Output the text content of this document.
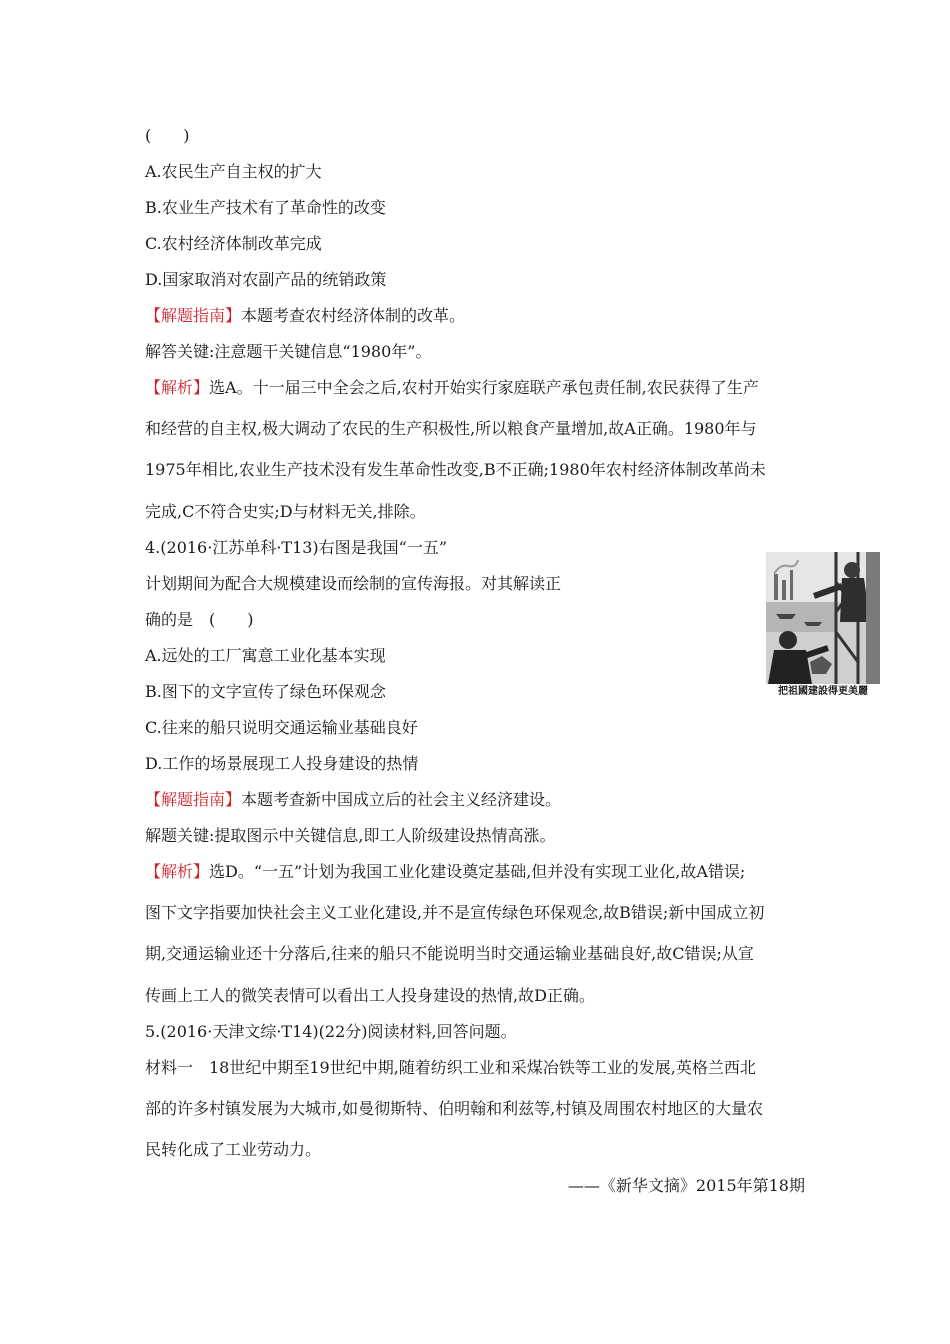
(　　)
A.农民生产自主权的扩大
B.农业生产技术有了革命性的改变
C.农村经济体制改革完成
D.国家取消对农副产品的统销政策
【解题指南】本题考查农村经济体制的改革。
解答关键:注意题干关键信息“1980年”。
【解析】选A。十一届三中全会之后,农村开始实行家庭联产承包责任制,农民获得了生产
和经营的自主权,极大调动了农民的生产积极性,所以粮食产量增加,故A正确。1980年与
1975年相比,农业生产技术没有发生革命性改变,B不正确;1980年农村经济体制改革尚未
完成,C不符合史实;D与材料无关,排除。
4.(2016·江苏单科·T13)右图是我国“一五”
计划期间为配合大规模建设而绘制的宣传海报。对其解读正
确的是　(　　)
A.远处的工厂寓意工业化基本实现
B.图下的文字宣传了绿色环保观念
C.往来的船只说明交通运输业基础良好
D.工作的场景展现工人投身建设的热情
把祖國建設得更美麗
【解题指南】本题考查新中国成立后的社会主义经济建设。
解题关键:提取图示中关键信息,即工人阶级建设热情高涨。
【解析】选D。“一五”计划为我国工业化建设奠定基础,但并没有实现工业化,故A错误;
图下文字指要加快社会主义工业化建设,并不是宣传绿色环保观念,故B错误;新中国成立初
期,交通运输业还十分落后,往来的船只不能说明当时交通运输业基础良好,故C错误;从宣
传画上工人的微笑表情可以看出工人投身建设的热情,故D正确。
5.(2016·天津文综·T14)(22分)阅读材料,回答问题。
材料一　18世纪中期至19世纪中期,随着纺织工业和采煤冶铁等工业的发展,英格兰西北
部的许多村镇发展为大城市,如曼彻斯特、伯明翰和利兹等,村镇及周围农村地区的大量农
民转化成了工业劳动力。
——《新华文摘》2015年第18期
